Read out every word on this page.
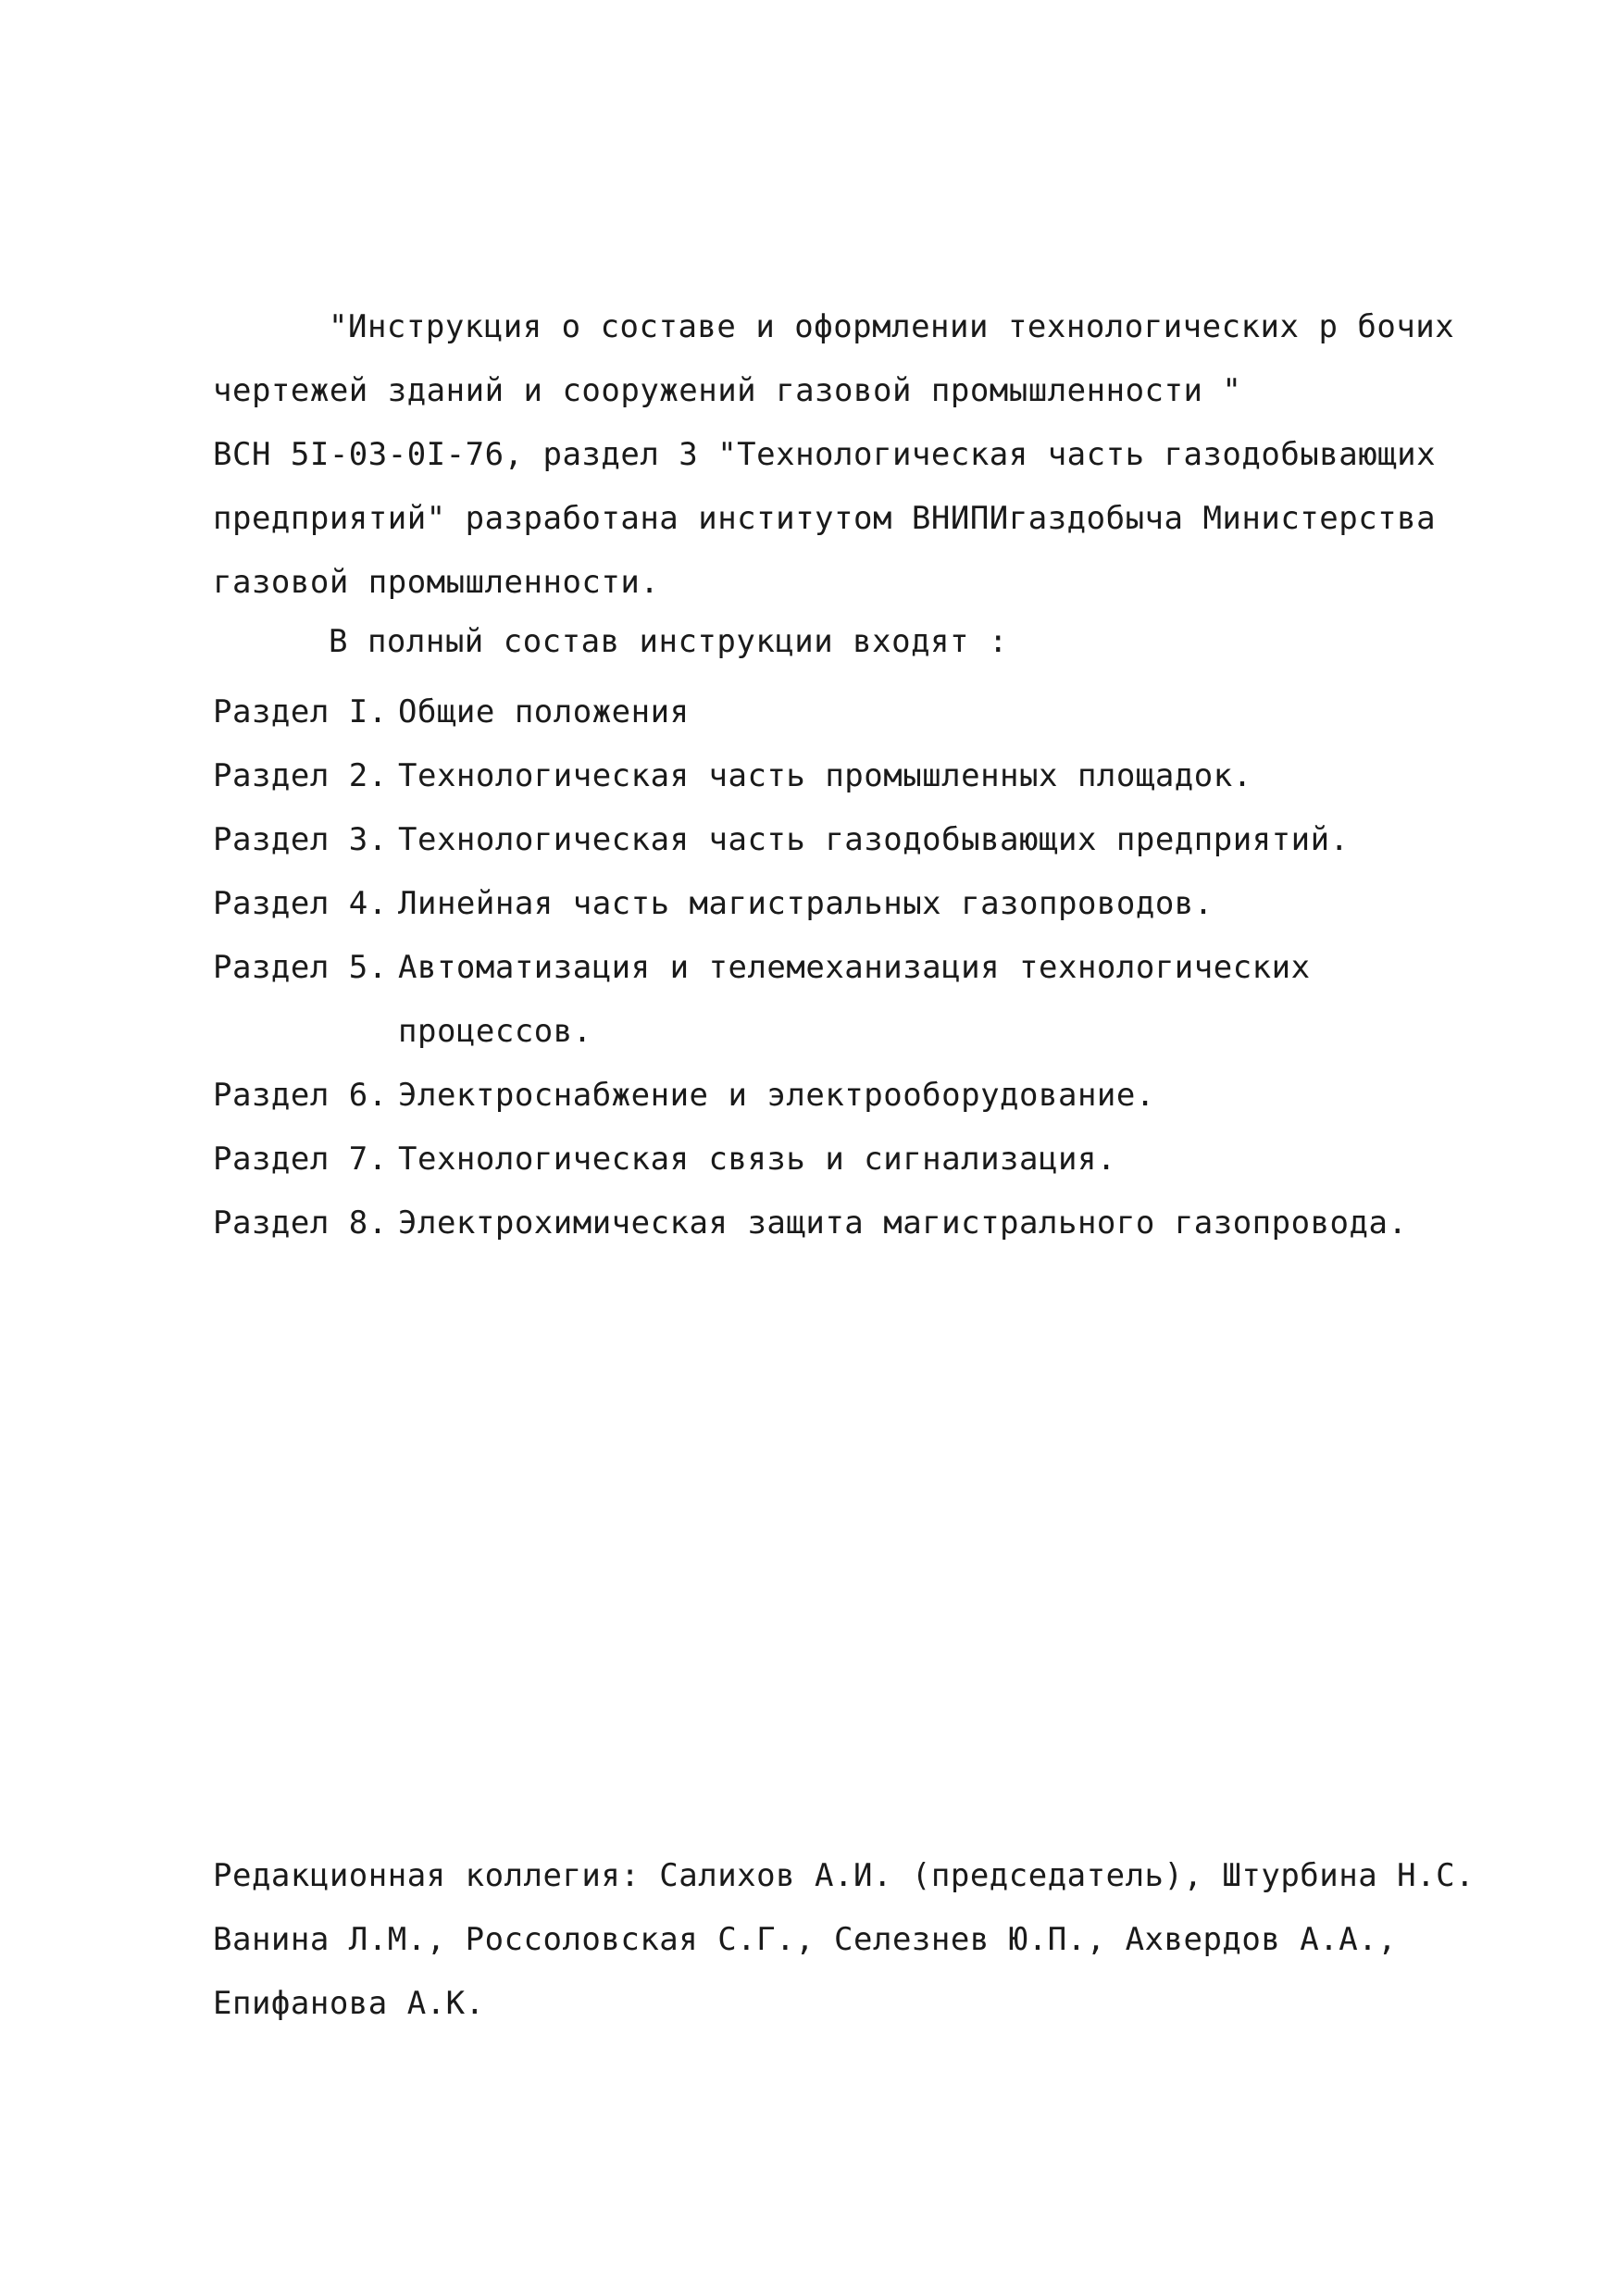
"Инструкция о составе и оформлении технологических р бочих
чертежей зданий и сооружений газовой промышленности "
ВСН 5I-03-0I-76, раздел 3 "Технологическая часть газодобывающих
предприятий" разработана институтом ВНИПИгаздобыча Министерства
газовой промышленности.
В полный состав инструкции входят :
Раздел I. Общие положения
Раздел 2. Технологическая часть промышленных площадок.
Раздел 3. Технологическая часть газодобывающих предприятий.
Раздел 4. Линейная часть магистральных газопроводов.
Раздел 5. Автоматизация и телемеханизация технологических
процессов.
Раздел 6. Электроснабжение и электрооборудование.
Раздел 7. Технологическая связь и сигнализация.
Раздел 8. Электрохимическая защита магистрального газопровода.
Редакционная коллегия: Салихов А.И. (председатель), Штурбина Н.С.
Ванина Л.М., Россоловская С.Г., Селезнев Ю.П., Ахвердов А.А.,
Епифанова А.К.
